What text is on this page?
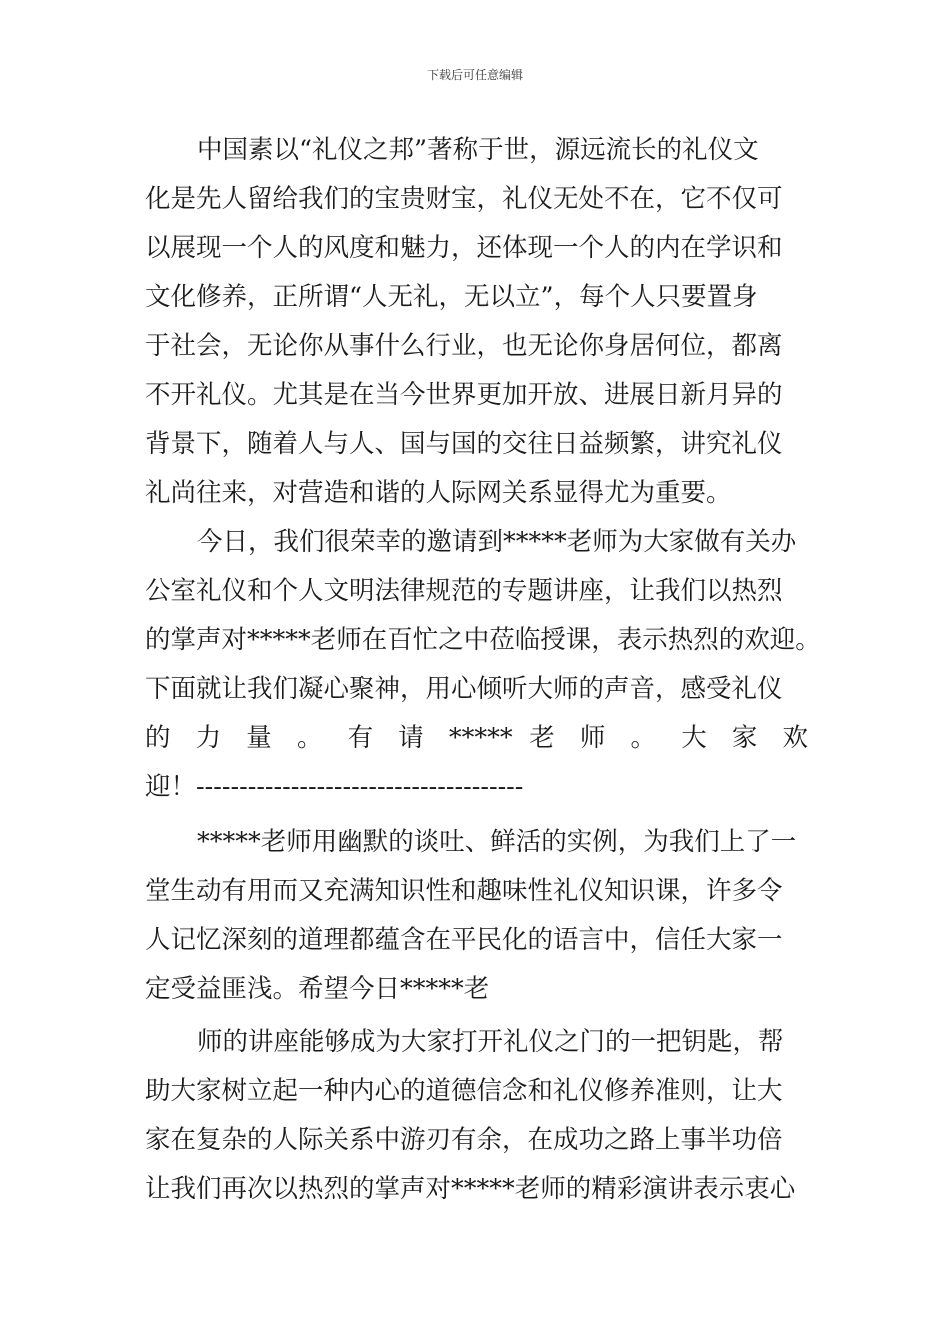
下载后可任意编辑
中国素以“礼仪之邦”著称于世，源远流长的礼仪文
化是先人留给我们的宝贵财宝，礼仪无处不在，它不仅可
以展现一个人的风度和魅力，还体现一个人的内在学识和
文化修养，正所谓“人无礼，无以立”，每个人只要置身
于社会，无论你从事什么行业，也无论你身居何位，都离
不开礼仪。尤其是在当今世界更加开放、进展日新月异的
背景下，随着人与人、国与国的交往日益频繁，讲究礼仪
礼尚往来，对营造和谐的人际网关系显得尤为重要。
今日，我们很荣幸的邀请到*****老师为大家做有关办
公室礼仪和个人文明法律规范的专题讲座，让我们以热烈
的掌声对*****老师在百忙之中莅临授课，表示热烈的欢迎。
下面就让我们凝心聚神，用心倾听大师的声音，感受礼仪
的 力 量 。 有 请 ***** 老 师 。 大 家 欢
迎！--------------------------------------
*****老师用幽默的谈吐、鲜活的实例，为我们上了一
堂生动有用而又充满知识性和趣味性礼仪知识课，许多令
人记忆深刻的道理都蕴含在平民化的语言中，信任大家一
定受益匪浅。希望今日*****老
师的讲座能够成为大家打开礼仪之门的一把钥匙，帮
助大家树立起一种内心的道德信念和礼仪修养准则，让大
家在复杂的人际关系中游刃有余，在成功之路上事半功倍
让我们再次以热烈的掌声对*****老师的精彩演讲表示衷心
